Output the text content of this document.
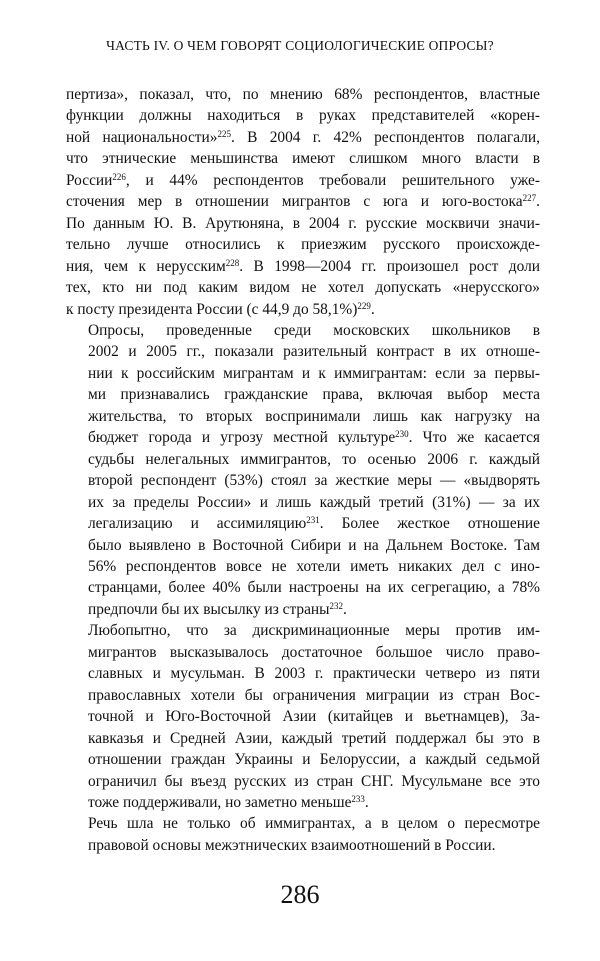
ЧАСТЬ IV. О ЧЕМ ГОВОРЯТ СОЦИОЛОГИЧЕСКИЕ ОПРОСЫ?

пертиза», показал, что, по мнению 68% респондентов, властные
функции должны находиться в руках представителей «корен-
ной национальности»$^{225}$. В 2004 г. 42% респондентов полагали,
что этнические меньшинства имеют слишком много власти в
России$^{226}$, и 44% респондентов требовали решительного уже-
сточения мер в отношении мигрантов с юга и юго-востока$^{227}$.
По данным Ю. В. Арутюняна, в 2004 г. русские москвичи значи-
тельно лучше относились к приезжим русского происхожде-
ния, чем к нерусским$^{228}$. В 1998—2004 гг. произошел рост доли
тех, кто ни под каким видом не хотел допускать «нерусского»
к посту президента России (с 44,9 до 58,1%)$^{229}$.

Опросы, проведенные среди московских школьников в
2002 и 2005 гг., показали разительный контраст в их отноше-
нии к российским мигрантам и к иммигрантам: если за первы-
ми признавались гражданские права, включая выбор места
жительства, то вторых воспринимали лишь как нагрузку на
бюджет города и угрозу местной культуре$^{230}$. Что же касается
судьбы нелегальных иммигрантов, то осенью 2006 г. каждый
второй респондент (53%) стоял за жесткие меры — «выдворять
их за пределы России» и лишь каждый третий (31%) — за их
легализацию и ассимиляцию$^{231}$. Более жесткое отношение
было выявлено в Восточной Сибири и на Дальнем Востоке. Там
56% респондентов вовсе не хотели иметь никаких дел с ино-
странцами, более 40% были настроены на их сегрегацию, а 78%
предпочли бы их высылку из страны$^{232}$.

Любопытно, что за дискриминационные меры против им-
мигрантов высказывалось достаточное большое число право-
славных и мусульман. В 2003 г. практически четверо из пяти
православных хотели бы ограничения миграции из стран Вос-
точной и Юго-Восточной Азии (китайцев и вьетнамцев), За-
кавказья и Средней Азии, каждый третий поддержал бы это в
отношении граждан Украины и Белоруссии, а каждый седьмой
ограничил бы въезд русских из стран СНГ. Мусульмане все это
тоже поддерживали, но заметно меньше$^{233}$.

Речь шла не только об иммигрантах, а в целом о пересмотре
правовой основы межэтнических взаимоотношений в России.

286
